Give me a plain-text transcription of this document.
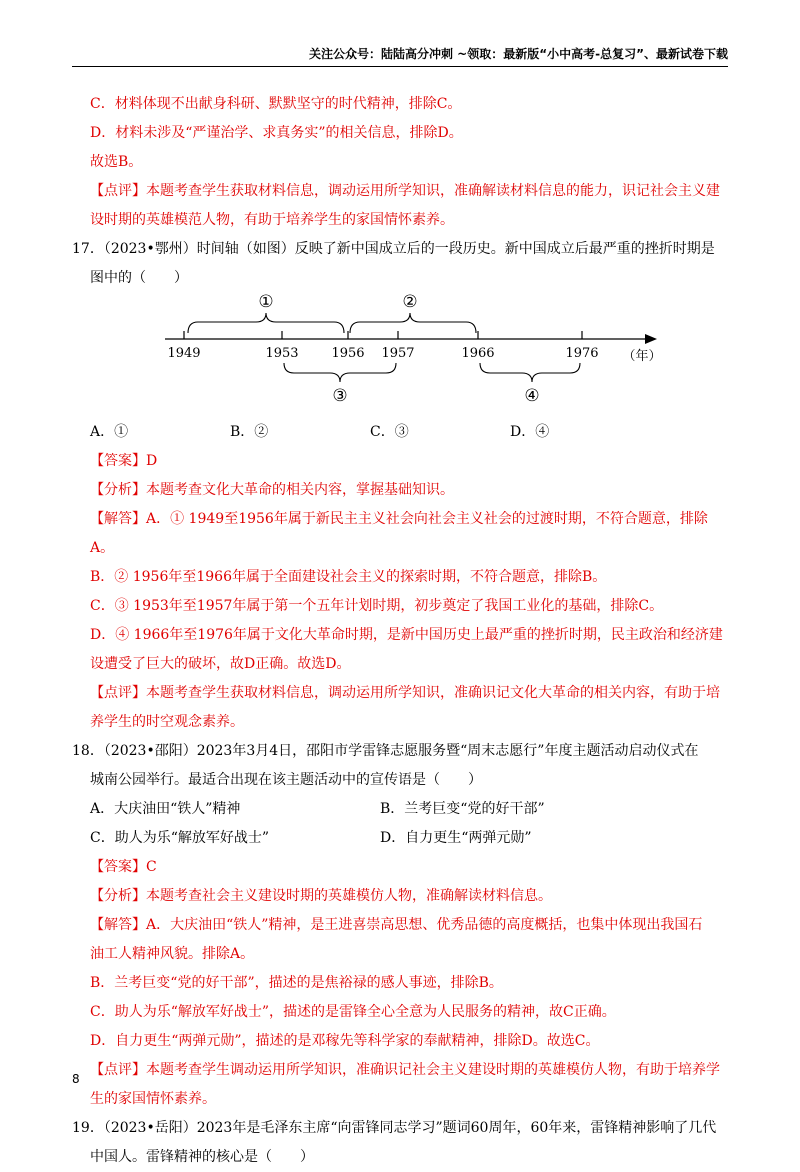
关注公众号：陆陆高分冲刺 ~领取：最新版“小中高考-总复习”、最新试卷下载
C．材料体现不出献身科研、默默坚守的时代精神，排除C。
D．材料未涉及“严谨治学、求真务实”的相关信息，排除D。
故选B。
【点评】本题考查学生获取材料信息，调动运用所学知识，准确解读材料信息的能力，识记社会主义建
设时期的英雄模范人物，有助于培养学生的家国情怀素养。
17．（2023•鄂州）时间轴（如图）反映了新中国成立后的一段历史。新中国成立后最严重的挫折时期是
图中的（　　）
1949	1953	1956 1957	1966	1976 （年）
①	②
③	④
A．①	B．②	C．③	D．④
【答案】D
【分析】本题考查文化大革命的相关内容，掌握基础知识。
【解答】A．① 1949至1956年属于新民主主义社会向社会主义社会的过渡时期，不符合题意，排除
A。
B．② 1956年至1966年属于全面建设社会主义的探索时期，不符合题意，排除B。
C．③ 1953年至1957年属于第一个五年计划时期，初步奠定了我国工业化的基础，排除C。
D．④ 1966年至1976年属于文化大革命时期，是新中国历史上最严重的挫折时期，民主政治和经济建
设遭受了巨大的破坏，故D正确。故选D。
【点评】本题考查学生获取材料信息，调动运用所学知识，准确识记文化大革命的相关内容，有助于培
养学生的时空观念素养。
18．（2023•邵阳）2023年3月4日，邵阳市学雷锋志愿服务暨“周末志愿行”年度主题活动启动仪式在
城南公园举行。最适合出现在该主题活动中的宣传语是（　　）
A．大庆油田“铁人”精神	B．兰考巨变“党的好干部”
C．助人为乐“解放军好战士”	D．自力更生“两弹元勋”
【答案】C
【分析】本题考查社会主义建设时期的英雄模仿人物，准确解读材料信息。
【解答】A．大庆油田“铁人”精神，是王进喜崇高思想、优秀品德的高度概括，也集中体现出我国石
油工人精神风貌。排除A。
B．兰考巨变“党的好干部”，描述的是焦裕禄的感人事迹，排除B。
C．助人为乐“解放军好战士”，描述的是雷锋全心全意为人民服务的精神，故C正确。
D．自力更生“两弹元勋”，描述的是邓稼先等科学家的奉献精神，排除D。故选C。
【点评】本题考查学生调动运用所学知识，准确识记社会主义建设时期的英雄模仿人物，有助于培养学
生的家国情怀素养。
19．（2023•岳阳）2023年是毛泽东主席“向雷锋同志学习”题词60周年，60年来，雷锋精神影响了几代
中国人。雷锋精神的核心是（　　）
8
